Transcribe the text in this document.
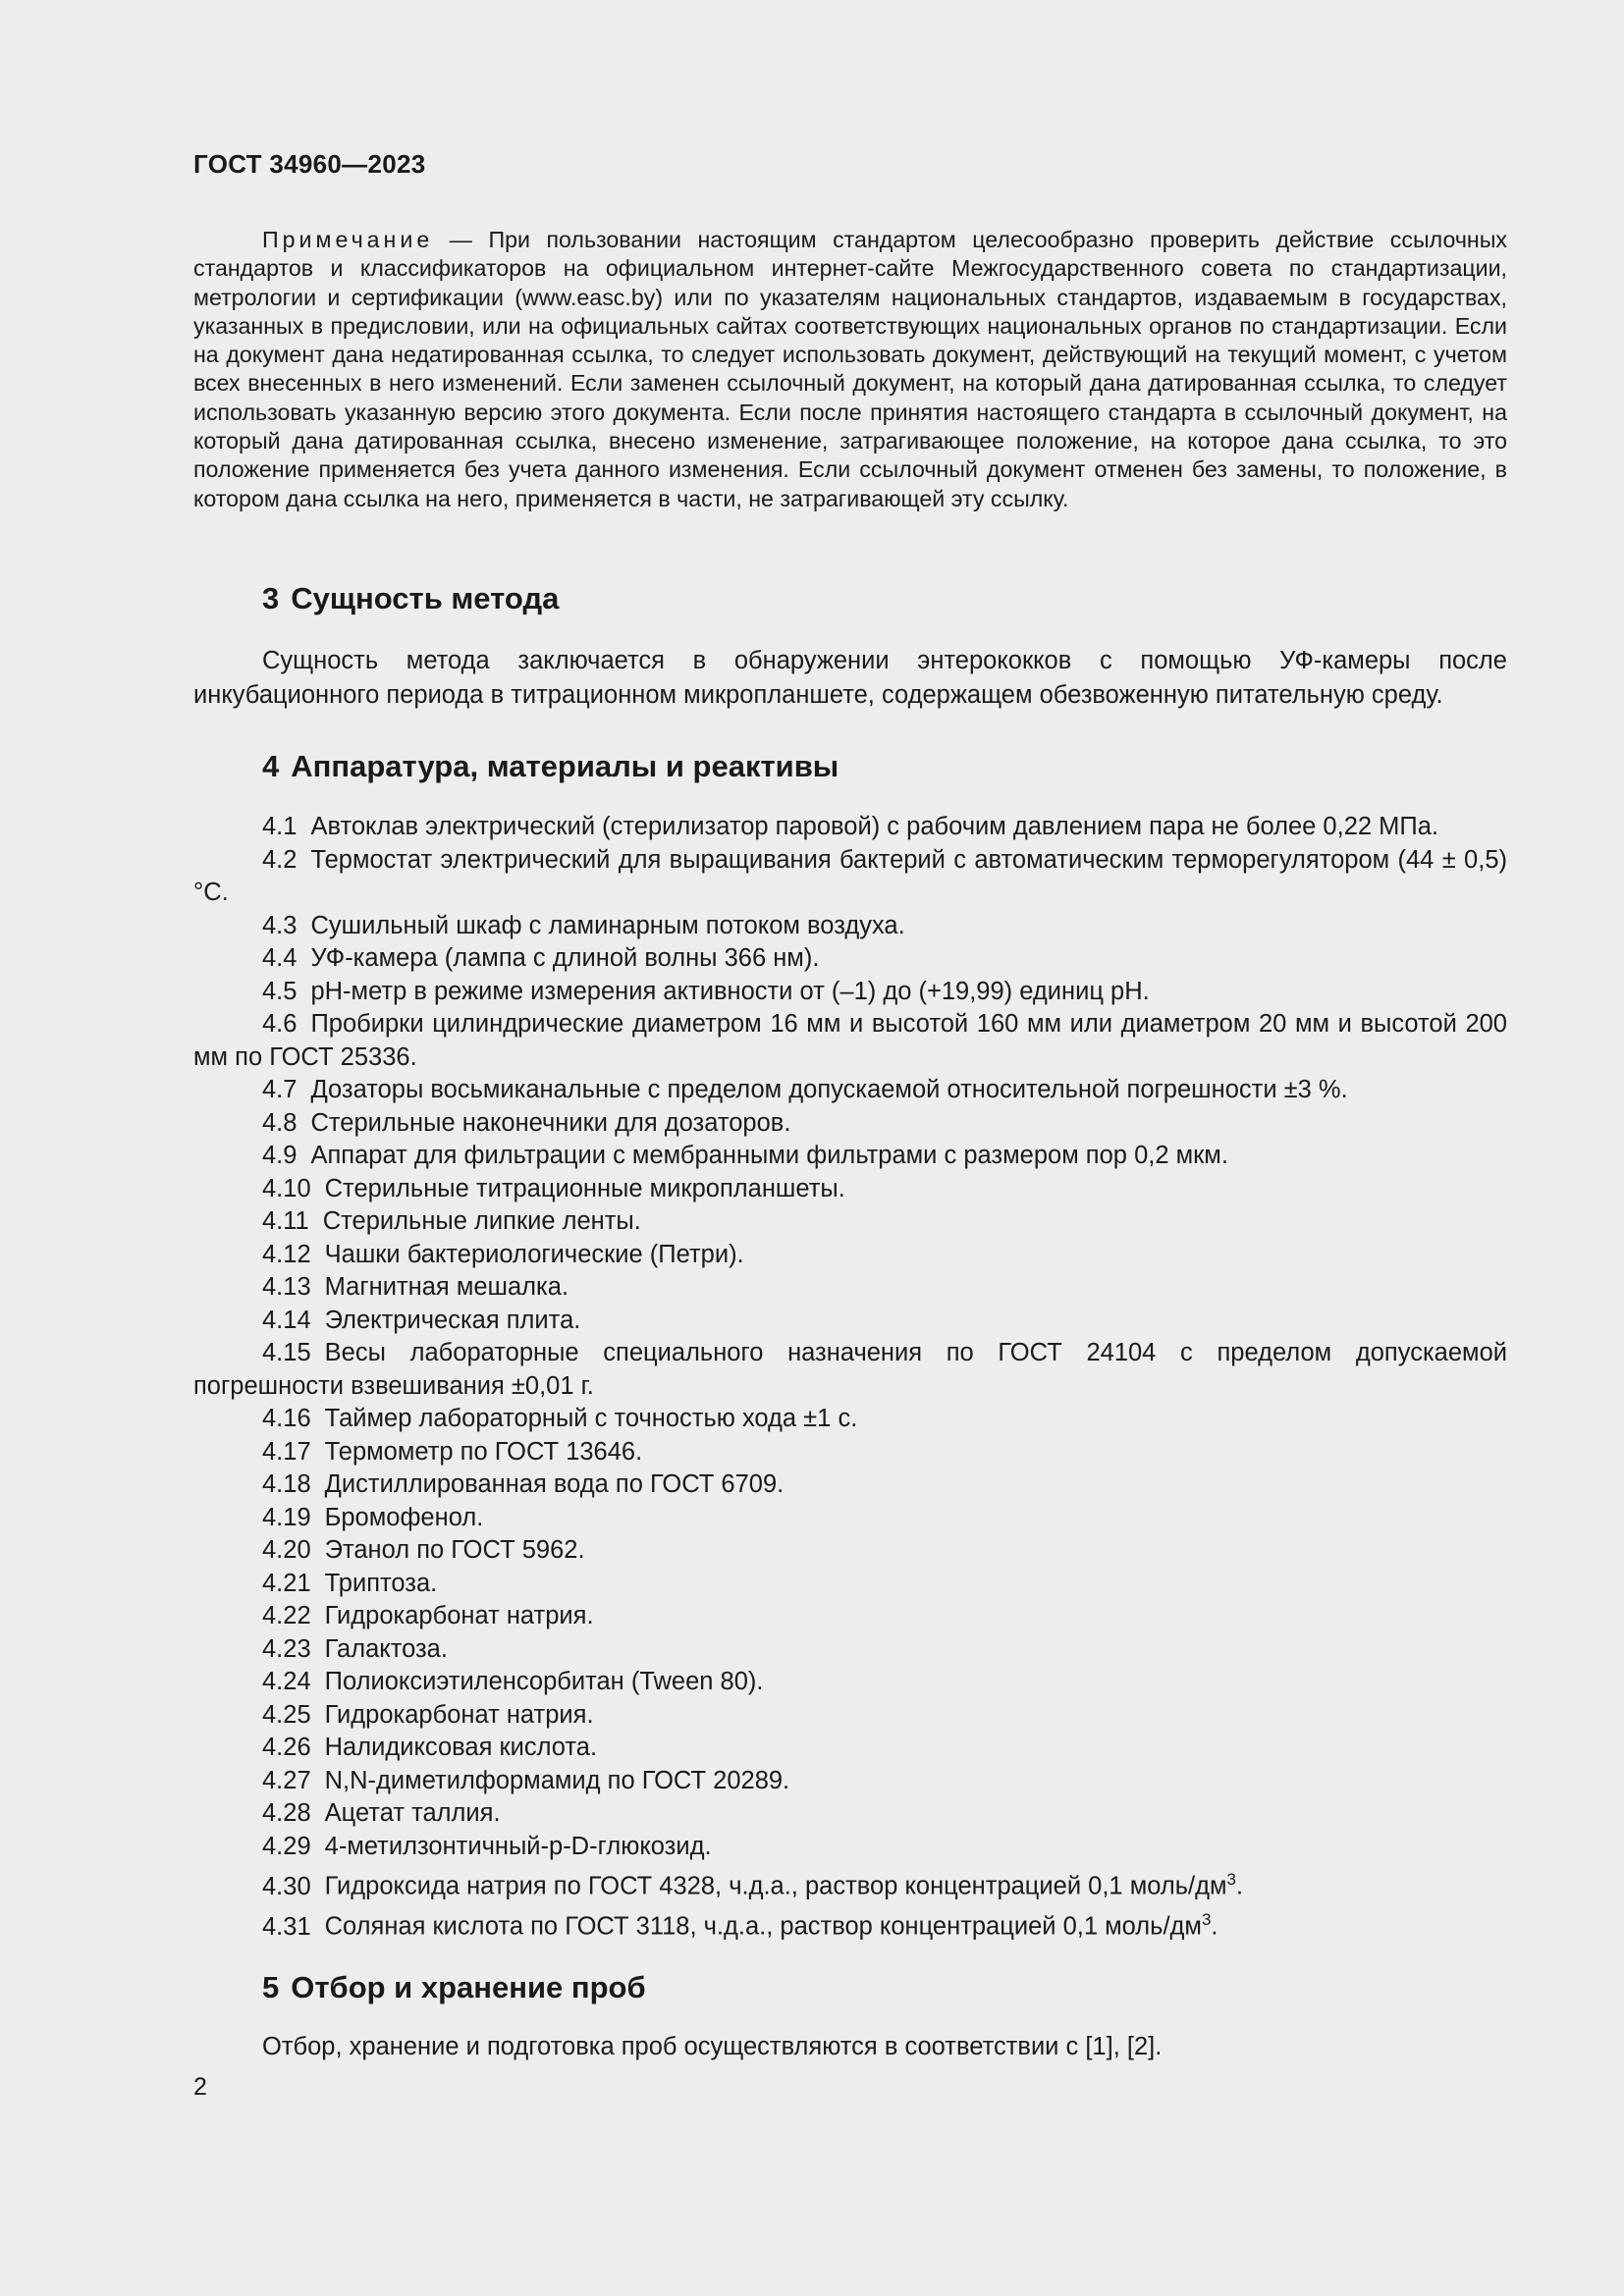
ГОСТ 34960—2023

Примечание — При пользовании настоящим стандартом целесообразно проверить действие ссылочных стандартов и классификаторов на официальном интернет-сайте Межгосударственного совета по стандартизации, метрологии и сертификации (www.easc.by) или по указателям национальных стандартов, издаваемым в государствах, указанных в предисловии, или на официальных сайтах соответствующих национальных органов по стандартизации. Если на документ дана недатированная ссылка, то следует использовать документ, действующий на текущий момент, с учетом всех внесенных в него изменений. Если заменен ссылочный документ, на который дана датированная ссылка, то следует использовать указанную версию этого документа. Если после принятия настоящего стандарта в ссылочный документ, на который дана датированная ссылка, внесено изменение, затрагивающее положение, на которое дана ссылка, то это положение применяется без учета данного изменения. Если ссылочный документ отменен без замены, то положение, в котором дана ссылка на него, применяется в части, не затрагивающей эту ссылку.

3 Сущность метода

Сущность метода заключается в обнаружении энтерококков с помощью УФ-камеры после инкубационного периода в титрационном микропланшете, содержащем обезвоженную питательную среду.

4 Аппаратура, материалы и реактивы
4.1 Автоклав электрический (стерилизатор паровой) с рабочим давлением пара не более 0,22 МПа.
4.2 Термостат электрический для выращивания бактерий с автоматическим терморегулятором (44 ± 0,5) °С.
4.3 Сушильный шкаф с ламинарным потоком воздуха.
4.4 УФ-камера (лампа с длиной волны 366 нм).
4.5 pH-метр в режиме измерения активности от (–1) до (+19,99) единиц pH.
4.6 Пробирки цилиндрические диаметром 16 мм и высотой 160 мм или диаметром 20 мм и высотой 200 мм по ГОСТ 25336.
4.7 Дозаторы восьмиканальные с пределом допускаемой относительной погрешности ±3 %.
4.8 Стерильные наконечники для дозаторов.
4.9 Аппарат для фильтрации с мембранными фильтрами с размером пор 0,2 мкм.
4.10 Стерильные титрационные микропланшеты.
4.11 Стерильные липкие ленты.
4.12 Чашки бактериологические (Петри).
4.13 Магнитная мешалка.
4.14 Электрическая плита.
4.15 Весы лабораторные специального назначения по ГОСТ 24104 с пределом допускаемой погрешности взвешивания ±0,01 г.
4.16 Таймер лабораторный с точностью хода ±1 с.
4.17 Термометр по ГОСТ 13646.
4.18 Дистиллированная вода по ГОСТ 6709.
4.19 Бромофенол.
4.20 Этанол по ГОСТ 5962.
4.21 Триптоза.
4.22 Гидрокарбонат натрия.
4.23 Галактоза.
4.24 Полиоксиэтиленсорбитан (Tween 80).
4.25 Гидрокарбонат натрия.
4.26 Налидиксовая кислота.
4.27 N,N-диметилформамид по ГОСТ 20289.
4.28 Ацетат таллия.
4.29 4-метилзонтичный-p-D-глюкозид.
4.30 Гидроксида натрия по ГОСТ 4328, ч.д.а., раствор концентрацией 0,1 моль/$дм^3$.
4.31 Соляная кислота по ГОСТ 3118, ч.д.а., раствор концентрацией 0,1 моль/$дм^3$.
5 Отбор и хранение проб

Отбор, хранение и подготовка проб осуществляются в соответствии с [1], [2].

2
